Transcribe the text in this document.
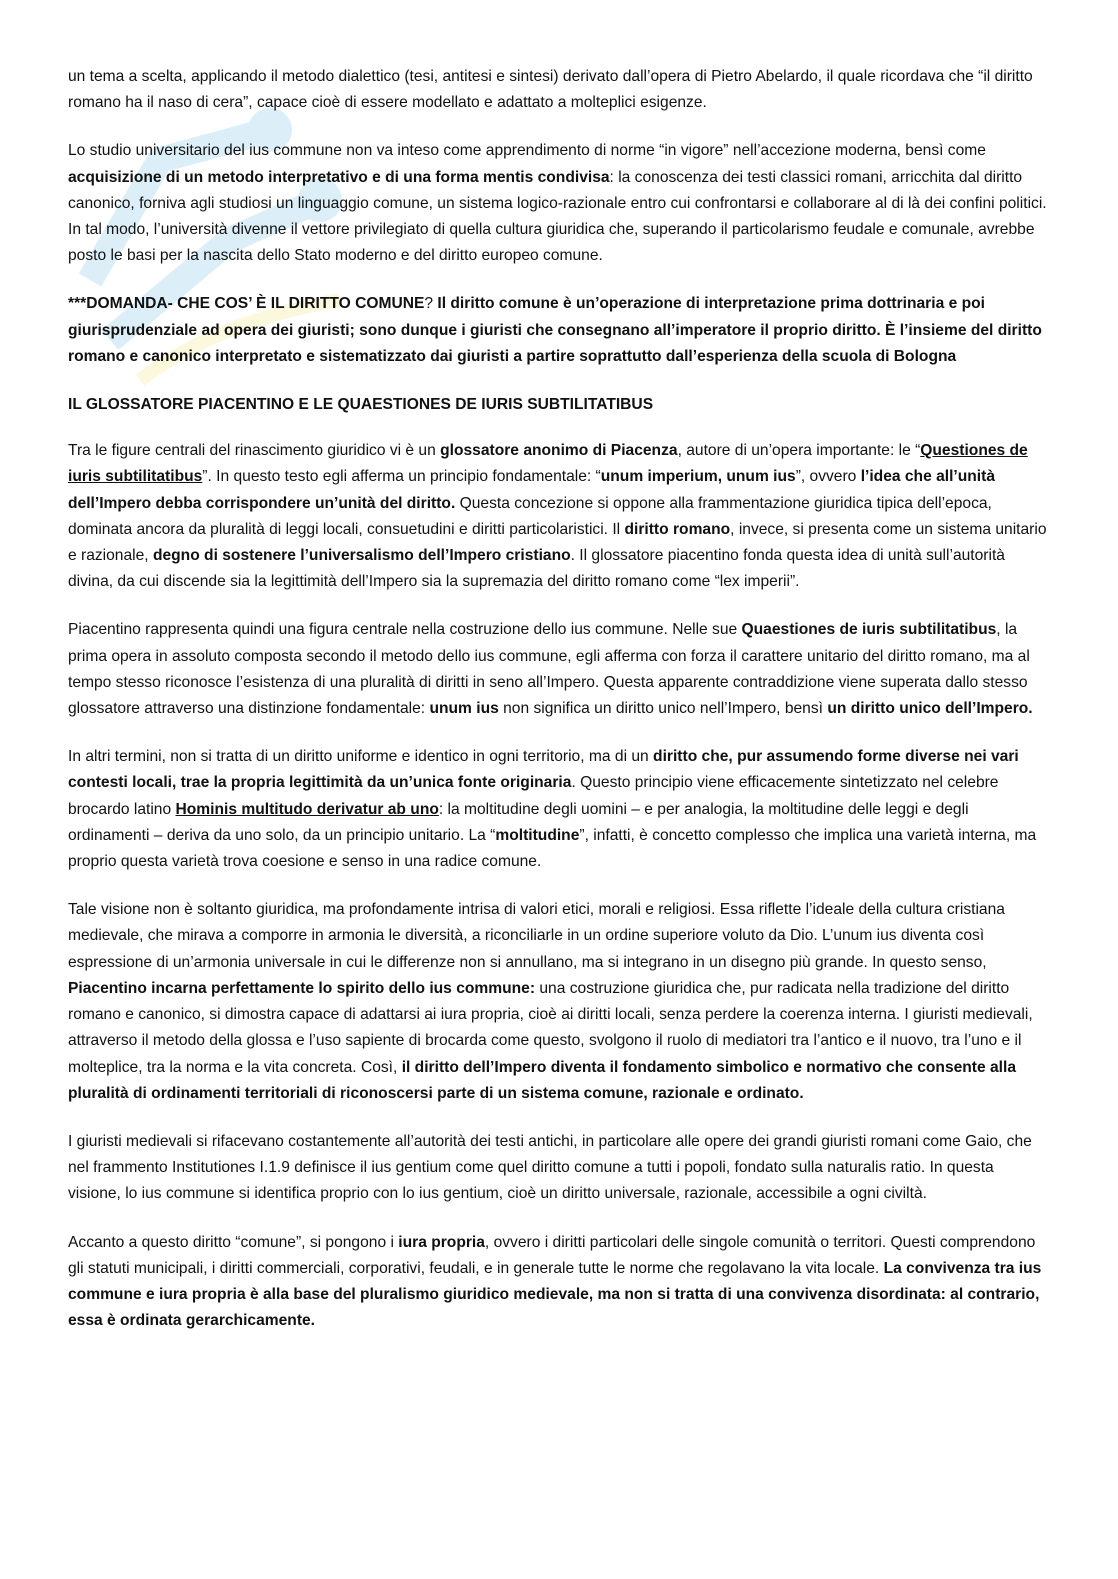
un tema a scelta, applicando il metodo dialettico (tesi, antitesi e sintesi) derivato dall’opera di Pietro Abelardo, il quale ricordava che “il diritto romano ha il naso di cera”, capace cioè di essere modellato e adattato a molteplici esigenze.

Lo studio universitario del ius commune non va inteso come apprendimento di norme “in vigore” nell’accezione moderna, bensì come acquisizione di un metodo interpretativo e di una forma mentis condivisa: la conoscenza dei testi classici romani, arricchita dal diritto canonico, forniva agli studiosi un linguaggio comune, un sistema logico-razionale entro cui confrontarsi e collaborare al di là dei confini politici. In tal modo, l’università divenne il vettore privilegiato di quella cultura giuridica che, superando il particolarismo feudale e comunale, avrebbe posto le basi per la nascita dello Stato moderno e del diritto europeo comune.

***DOMANDA- CHE COS’ È IL DIRITTO COMUNE? Il diritto comune è un’operazione di interpretazione prima dottrinaria e poi giurisprudenziale ad opera dei giuristi; sono dunque i giuristi che consegnano all’imperatore il proprio diritto. È l’insieme del diritto romano e canonico interpretato e sistematizzato dai giuristi a partire soprattutto dall’esperienza della scuola di Bologna

IL GLOSSATORE PIACENTINO E LE QUAESTIONES DE IURIS SUBTILITATIBUS

Tra le figure centrali del rinascimento giuridico vi è un glossatore anonimo di Piacenza, autore di un’opera importante: le “Questiones de iuris subtilitatibus”. In questo testo egli afferma un principio fondamentale: “unum imperium, unum ius”, ovvero l’idea che all’unità dell’Impero debba corrispondere un’unità del diritto. Questa concezione si oppone alla frammentazione giuridica tipica dell’epoca, dominata ancora da pluralità di leggi locali, consuetudini e diritti particolaristici. Il diritto romano, invece, si presenta come un sistema unitario e razionale, degno di sostenere l’universalismo dell’Impero cristiano. Il glossatore piacentino fonda questa idea di unità sull’autorità divina, da cui discende sia la legittimità dell’Impero sia la supremazia del diritto romano come “lex imperii”.

Piacentino rappresenta quindi una figura centrale nella costruzione dello ius commune. Nelle sue Quaestiones de iuris subtilitatibus, la prima opera in assoluto composta secondo il metodo dello ius commune, egli afferma con forza il carattere unitario del diritto romano, ma al tempo stesso riconosce l’esistenza di una pluralità di diritti in seno all’Impero. Questa apparente contraddizione viene superata dallo stesso glossatore attraverso una distinzione fondamentale: unum ius non significa un diritto unico nell’Impero, bensì un diritto unico dell’Impero.

In altri termini, non si tratta di un diritto uniforme e identico in ogni territorio, ma di un diritto che, pur assumendo forme diverse nei vari contesti locali, trae la propria legittimità da un’unica fonte originaria. Questo principio viene efficacemente sintetizzato nel celebre brocardo latino Hominis multitudo derivatur ab uno: la moltitudine degli uomini – e per analogia, la moltitudine delle leggi e degli ordinamenti – deriva da uno solo, da un principio unitario. La “moltitudine”, infatti, è concetto complesso che implica una varietà interna, ma proprio questa varietà trova coesione e senso in una radice comune.

Tale visione non è soltanto giuridica, ma profondamente intrisa di valori etici, morali e religiosi. Essa riflette l’ideale della cultura cristiana medievale, che mirava a comporre in armonia le diversità, a riconciliarle in un ordine superiore voluto da Dio. L’unum ius diventa così espressione di un’armonia universale in cui le differenze non si annullano, ma si integrano in un disegno più grande. In questo senso, Piacentino incarna perfettamente lo spirito dello ius commune: una costruzione giuridica che, pur radicata nella tradizione del diritto romano e canonico, si dimostra capace di adattarsi ai iura propria, cioè ai diritti locali, senza perdere la coerenza interna. I giuristi medievali, attraverso il metodo della glossa e l’uso sapiente di brocarda come questo, svolgono il ruolo di mediatori tra l’antico e il nuovo, tra l’uno e il molteplice, tra la norma e la vita concreta. Così, il diritto dell’Impero diventa il fondamento simbolico e normativo che consente alla pluralità di ordinamenti territoriali di riconoscersi parte di un sistema comune, razionale e ordinato.

I giuristi medievali si rifacevano costantemente all’autorità dei testi antichi, in particolare alle opere dei grandi giuristi romani come Gaio, che nel frammento Institutiones I.1.9 definisce il ius gentium come quel diritto comune a tutti i popoli, fondato sulla naturalis ratio. In questa visione, lo ius commune si identifica proprio con lo ius gentium, cioè un diritto universale, razionale, accessibile a ogni civiltà.

Accanto a questo diritto “comune”, si pongono i iura propria, ovvero i diritti particolari delle singole comunità o territori. Questi comprendono gli statuti municipali, i diritti commerciali, corporativi, feudali, e in generale tutte le norme che regolavano la vita locale. La convivenza tra ius commune e iura propria è alla base del pluralismo giuridico medievale, ma non si tratta di una convivenza disordinata: al contrario, essa è ordinata gerarchicamente.
